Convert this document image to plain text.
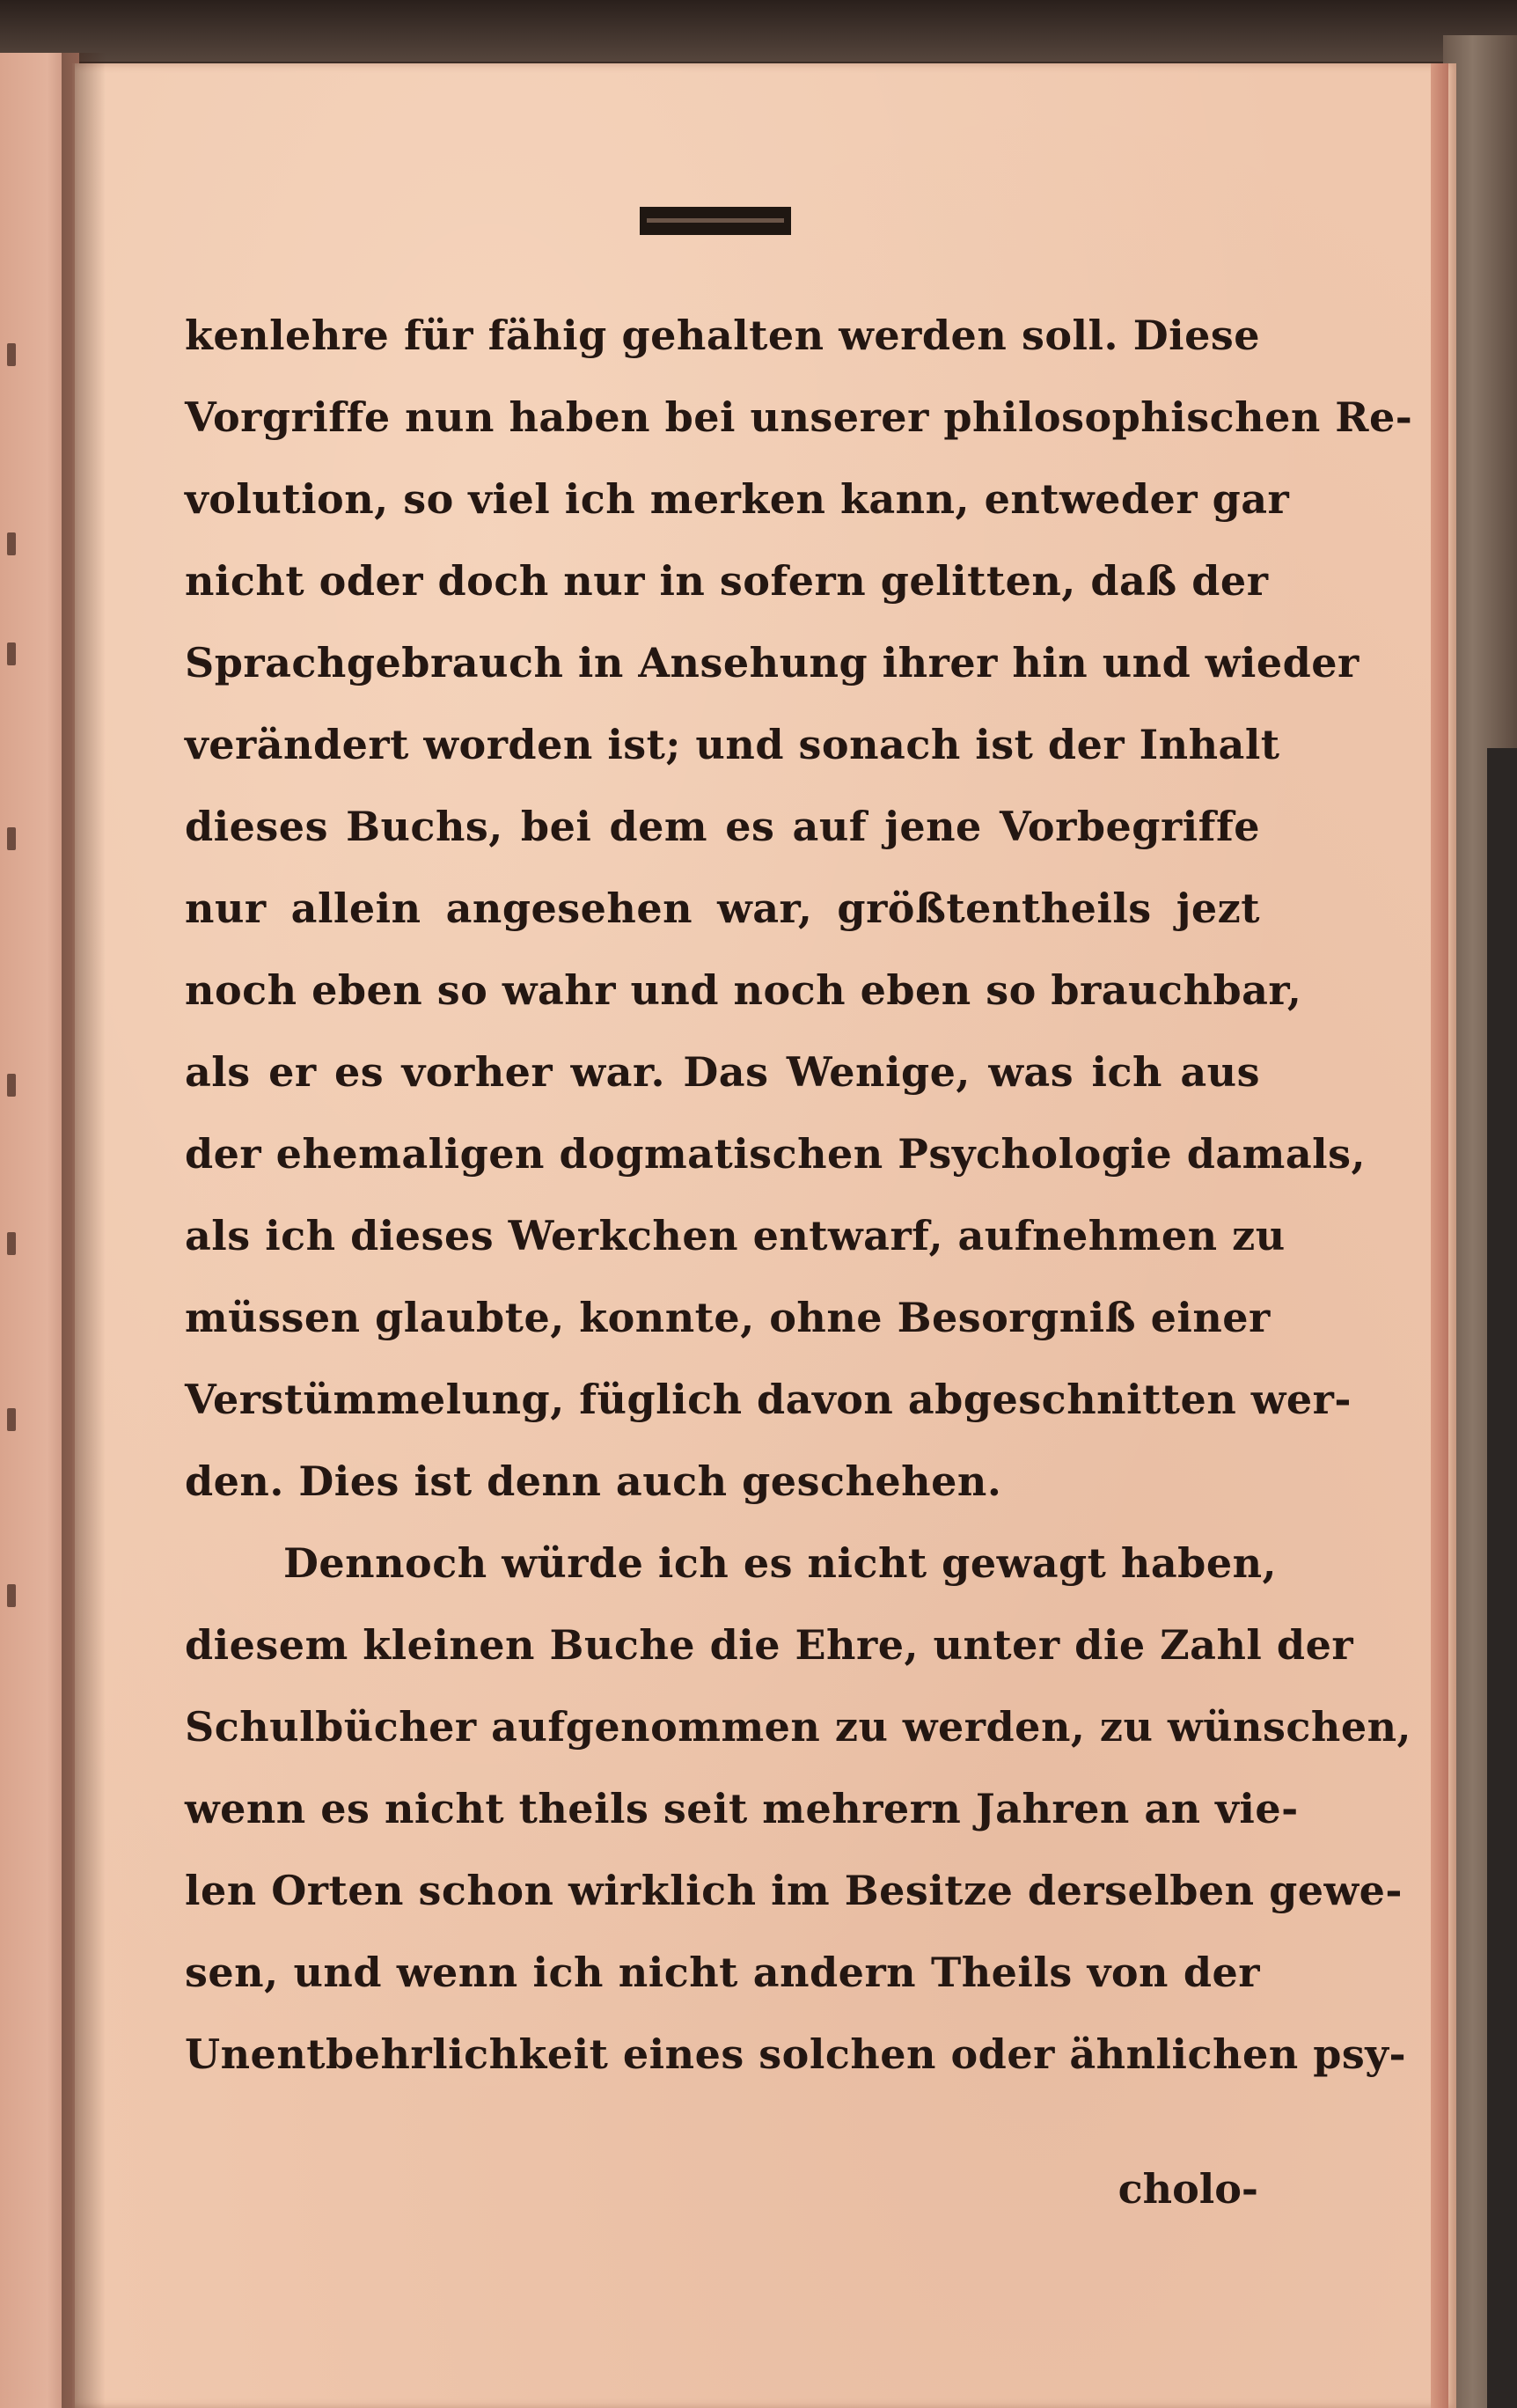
kenlehre für fähig gehalten werden soll. Diese
Vorgriffe nun haben bei unserer philosophischen Re-
volution, so viel ich merken kann, entweder gar
nicht oder doch nur in sofern gelitten, daß der
Sprachgebrauch in Ansehung ihrer hin und wieder
verändert worden ist; und sonach ist der Inhalt
dieses Buchs, bei dem es auf jene Vorbegriffe
nur allein angesehen war, größtentheils jezt
noch eben so wahr und noch eben so brauchbar,
als er es vorher war. Das Wenige, was ich aus
der ehemaligen dogmatischen Psychologie damals,
als ich dieses Werkchen entwarf, aufnehmen zu
müssen glaubte, konnte, ohne Besorgniß einer
Verstümmelung, füglich davon abgeschnitten wer-
den. Dies ist denn auch geschehen.
Dennoch würde ich es nicht gewagt haben,
diesem kleinen Buche die Ehre, unter die Zahl der
Schulbücher aufgenommen zu werden, zu wünschen,
wenn es nicht theils seit mehrern Jahren an vie-
len Orten schon wirklich im Besitze derselben gewe-
sen, und wenn ich nicht andern Theils von der
Unentbehrlichkeit eines solchen oder ähnlichen psy-
cholo-
